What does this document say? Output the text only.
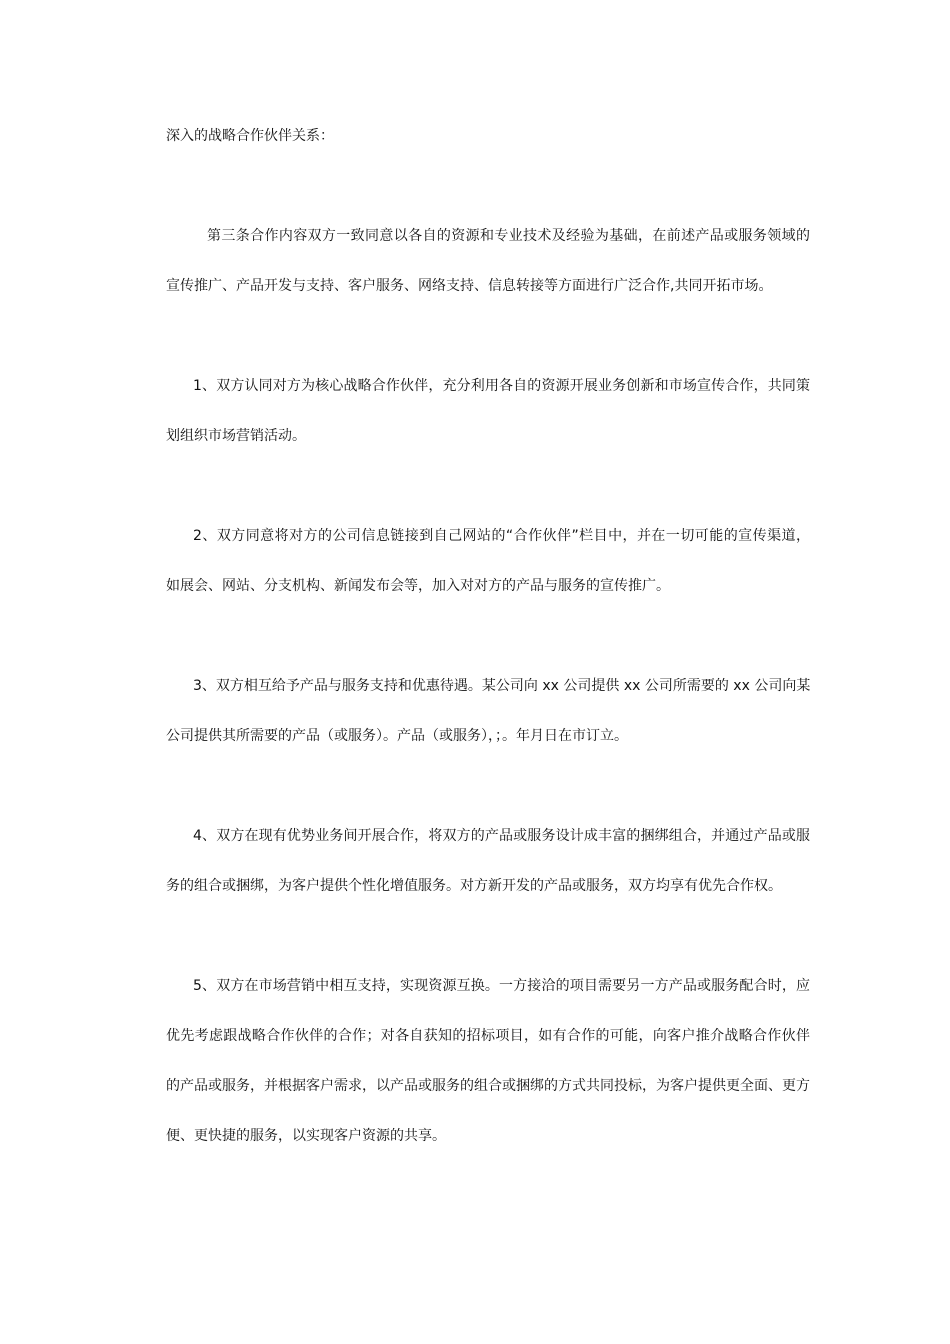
深入的战略合作伙伴关系：
第三条合作内容双方一致同意以各自的资源和专业技术及经验为基础，在前述产品或服务领域的
宣传推广、产品开发与支持、客户服务、网络支持、信息转接等方面进行广泛合作,共同开拓市场。
1、双方认同对方为核心战略合作伙伴，充分利用各自的资源开展业务创新和市场宣传合作，共同策
划组织市场营销活动。
2、双方同意将对方的公司信息链接到自己网站的“合作伙伴”栏目中，并在一切可能的宣传渠道，
如展会、网站、分支机构、新闻发布会等，加入对对方的产品与服务的宣传推广。
3、双方相互给予产品与服务支持和优惠待遇。某公司向 xx 公司提供 xx 公司所需要的 xx 公司向某
公司提供其所需要的产品（或服务）。产品（或服务），；。年月日在市订立。
4、双方在现有优势业务间开展合作，将双方的产品或服务设计成丰富的捆绑组合，并通过产品或服
务的组合或捆绑，为客户提供个性化增值服务。对方新开发的产品或服务，双方均享有优先合作权。
5、双方在市场营销中相互支持，实现资源互换。一方接洽的项目需要另一方产品或服务配合时，应
优先考虑跟战略合作伙伴的合作；对各自获知的招标项目，如有合作的可能，向客户推介战略合作伙伴
的产品或服务，并根据客户需求，以产品或服务的组合或捆绑的方式共同投标，为客户提供更全面、更方
便、更快捷的服务，以实现客户资源的共享。
